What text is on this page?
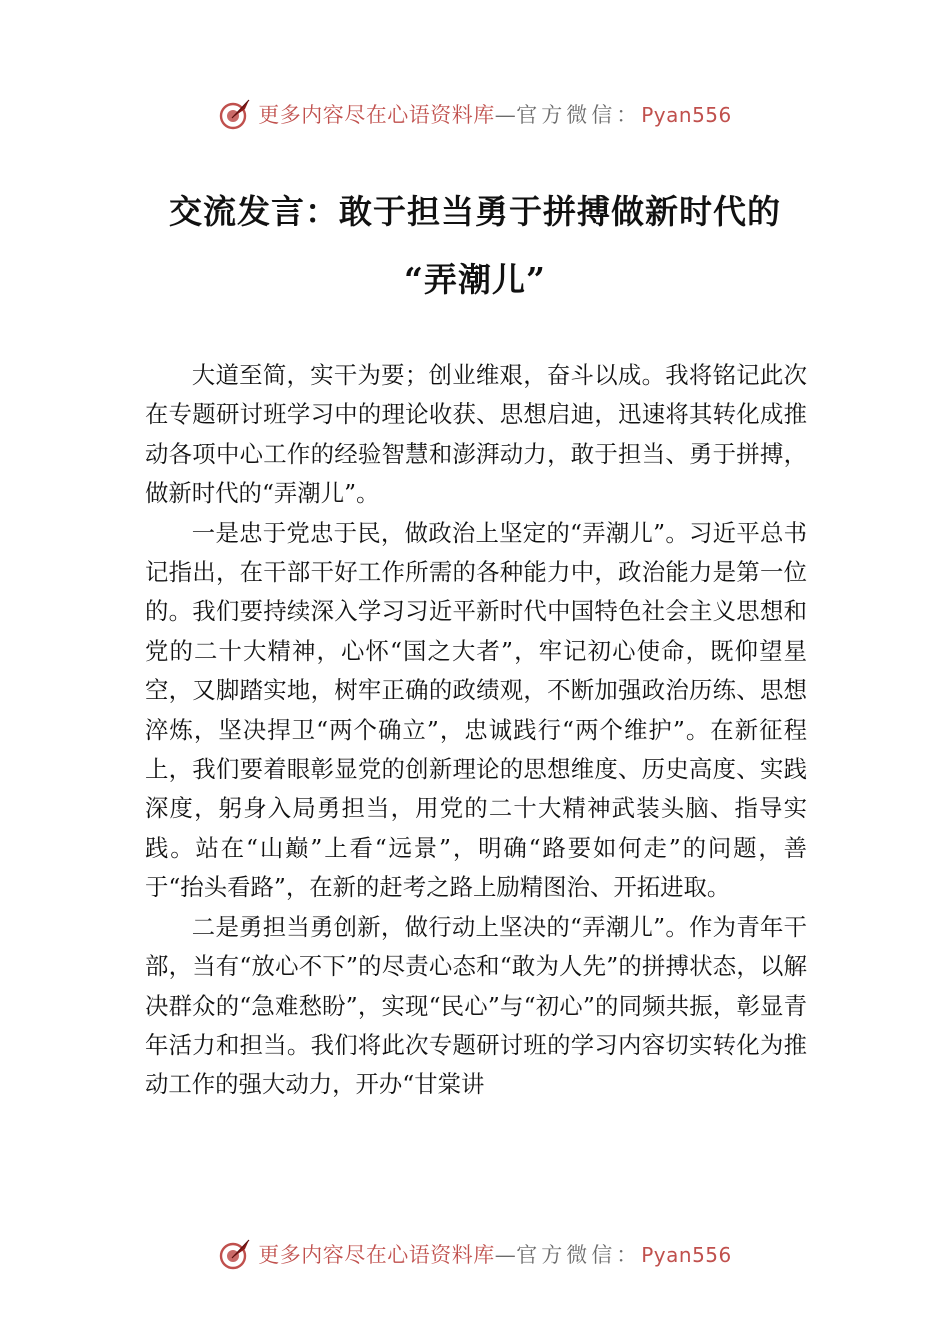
更多内容尽在心语资料库—官方微信：Pyan556
交流发言：敢于担当勇于拼搏做新时代的
“弄潮儿”

大道至简，实干为要；创业维艰，奋斗以成。我将铭记此次在专题研讨班学习中的理论收获、思想启迪，迅速将其转化成推动各项中心工作的经验智慧和澎湃动力，敢于担当、勇于拼搏，做新时代的“弄潮儿”。

一是忠于党忠于民，做政治上坚定的“弄潮儿”。习近平总书记指出，在干部干好工作所需的各种能力中，政治能力是第一位的。我们要持续深入学习习近平新时代中国特色社会主义思想和党的二十大精神，心怀“国之大者”，牢记初心使命，既仰望星空，又脚踏实地，树牢正确的政绩观，不断加强政治历练、思想淬炼，坚决捍卫“两个确立”，忠诚践行“两个维护”。在新征程上，我们要着眼彰显党的创新理论的思想维度、历史高度、实践深度，躬身入局勇担当，用党的二十大精神武装头脑、指导实践。站在“山巅”上看“远景”，明确“路要如何走”的问题，善于“抬头看路”，在新的赶考之路上励精图治、开拓进取。

二是勇担当勇创新，做行动上坚决的“弄潮儿”。作为青年干部，当有“放心不下”的尽责心态和“敢为人先”的拼搏状态，以解决群众的“急难愁盼”，实现“民心”与“初心”的同频共振，彰显青年活力和担当。我们将此次专题研讨班的学习内容切实转化为推动工作的强大动力，开办“甘棠讲

更多内容尽在心语资料库—官方微信：Pyan556
